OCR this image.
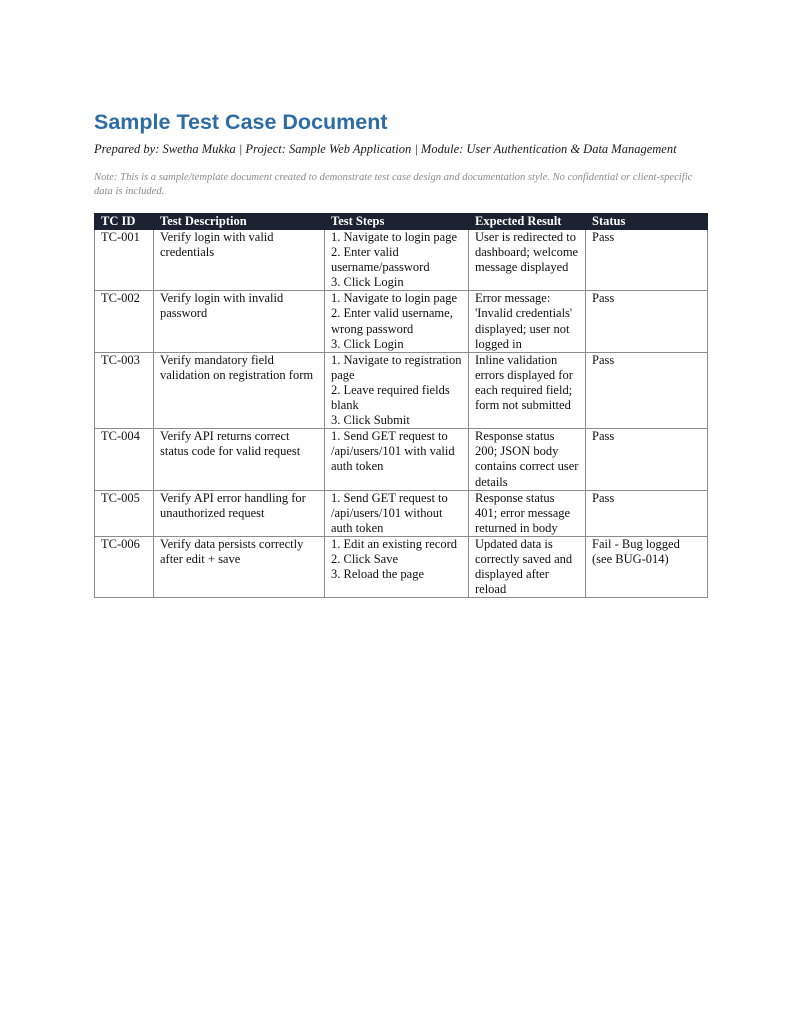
Sample Test Case Document
Prepared by: Swetha Mukka | Project: Sample Web Application | Module: User Authentication & Data Management
Note: This is a sample/template document created to demonstrate test case design and documentation style. No confidential or client-specific data is included.
TC ID	Test Description	Test Steps	Expected Result	Status
TC-001	Verify login with valid credentials	1. Navigate to login page
2. Enter valid username/password
3. Click Login	User is redirected to dashboard; welcome message displayed	Pass
TC-002	Verify login with invalid password	1. Navigate to login page
2. Enter valid username, wrong password
3. Click Login	Error message: 'Invalid credentials' displayed; user not logged in	Pass
TC-003	Verify mandatory field validation on registration form	1. Navigate to registration page
2. Leave required fields blank
3. Click Submit	Inline validation errors displayed for each required field; form not submitted	Pass
TC-004	Verify API returns correct status code for valid request	1. Send GET request to /api/users/101 with valid auth token	Response status 200; JSON body contains correct user details	Pass
TC-005	Verify API error handling for unauthorized request	1. Send GET request to /api/users/101 without auth token	Response status 401; error message returned in body	Pass
TC-006	Verify data persists correctly after edit + save	1. Edit an existing record
2. Click Save
3. Reload the page	Updated data is correctly saved and displayed after reload	Fail - Bug logged (see BUG-014)
